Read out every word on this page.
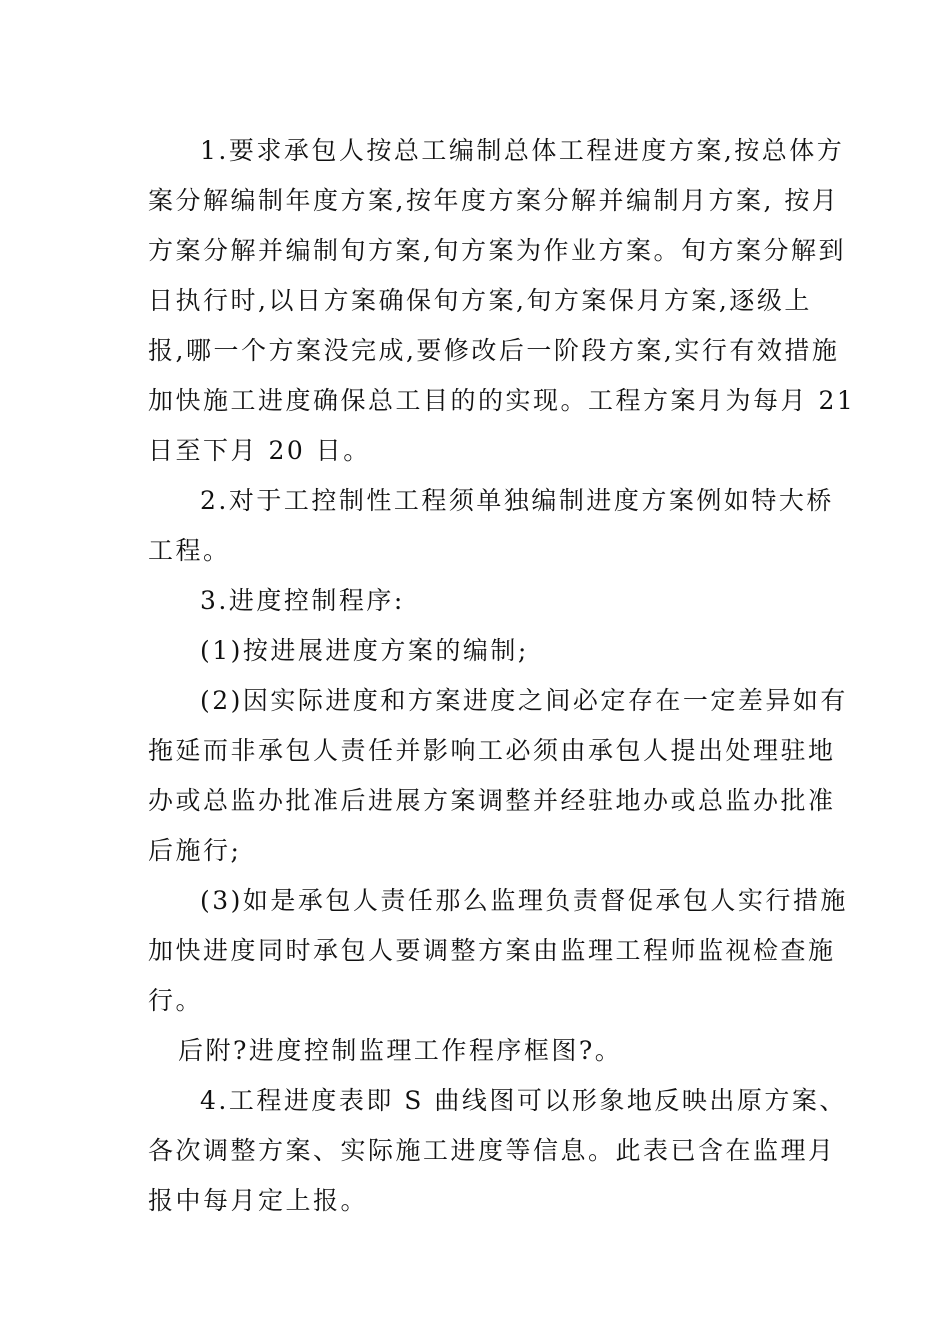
1.要求承包人按总工编制总体工程进度方案,按总体方
案分解编制年度方案,按年度方案分解并编制月方案, 按月
方案分解并编制旬方案,旬方案为作业方案。旬方案分解到
日执行时,以日方案确保旬方案,旬方案保月方案,逐级上
报,哪一个方案没完成,要修改后一阶段方案,实行有效措施
加快施工进度确保总工目的的实现。工程方案月为每月 21
日至下月 20 日。
2.对于工控制性工程须单独编制进度方案例如特大桥
工程。
3.进度控制程序:
(1)按进展进度方案的编制;
(2)因实际进度和方案进度之间必定存在一定差异如有
拖延而非承包人责任并影响工必须由承包人提出处理驻地
办或总监办批准后进展方案调整并经驻地办或总监办批准
后施行;
(3)如是承包人责任那么监理负责督促承包人实行措施
加快进度同时承包人要调整方案由监理工程师监视检查施
行。
后附?进度控制监理工作程序框图?。
4.工程进度表即 S 曲线图可以形象地反映出原方案、
各次调整方案、实际施工进度等信息。此表已含在监理月
报中每月定上报。
